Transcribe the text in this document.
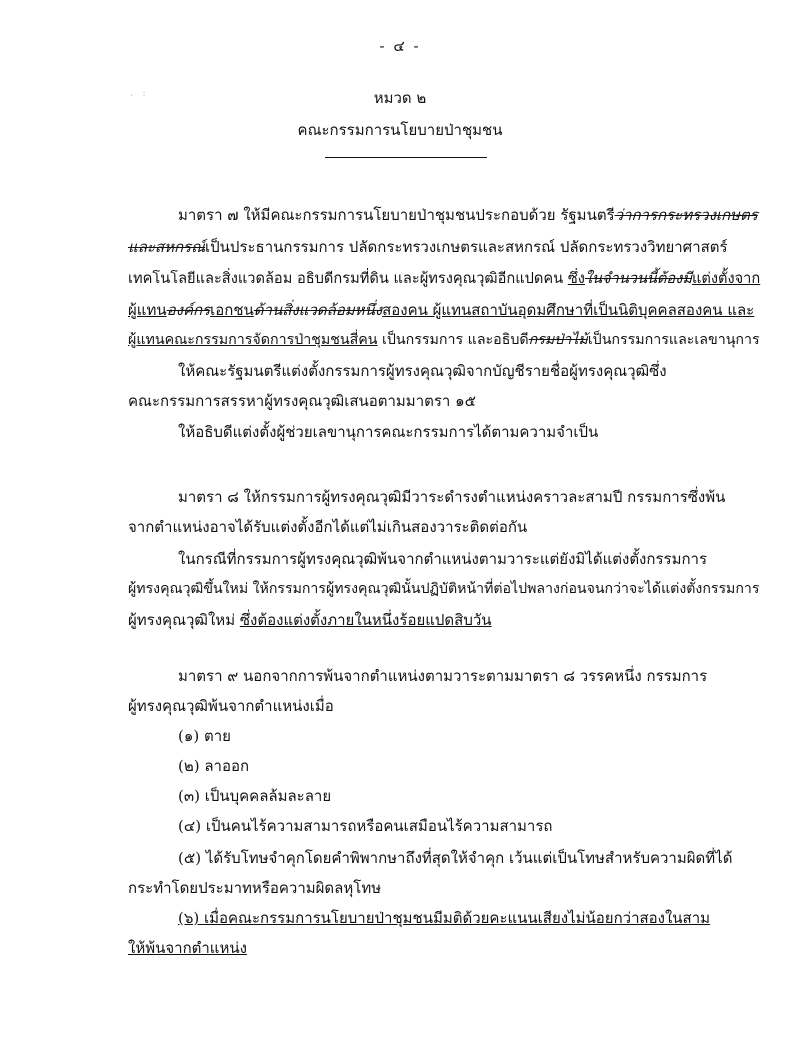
- ๔ -
. :	หมวด ๒
คณะกรรมการนโยบายป่าชุมชน
มาตรา ๗ ให้มีคณะกรรมการนโยบายป่าชุมชนประกอบด้วย รัฐมนตรีว่าการกระทรวงเกษตร
และสหกรณ์เป็นประธานกรรมการ ปลัดกระทรวงเกษตรและสหกรณ์ ปลัดกระทรวงวิทยาศาสตร์
เทคโนโลยีและสิ่งแวดล้อม อธิบดีกรมที่ดิน และผู้ทรงคุณวุฒิอีกแปดคน ซึ่งในจำนวนนี้ต้องมีแต่งตั้งจาก
ผู้แทนองค์กรเอกชนด้านสิ่งแวดล้อมหนึ่งสองคน ผู้แทนสถาบันอุดมศึกษาที่เป็นนิติบุคคลสองคน และ
ผู้แทนคณะกรรมการจัดการป่าชุมชนสี่คน เป็นกรรมการ และอธิบดีกรมป่าไม้เป็นกรรมการและเลขานุการ
ให้คณะรัฐมนตรีแต่งตั้งกรรมการผู้ทรงคุณวุฒิจากบัญชีรายชื่อผู้ทรงคุณวุฒิซึ่ง
คณะกรรมการสรรหาผู้ทรงคุณวุฒิเสนอตามมาตรา ๑๕
ให้อธิบดีแต่งตั้งผู้ช่วยเลขานุการคณะกรรมการได้ตามความจำเป็น
มาตรา ๘ ให้กรรมการผู้ทรงคุณวุฒิมีวาระดำรงตำแหน่งคราวละสามปี กรรมการซึ่งพ้น
จากตำแหน่งอาจได้รับแต่งตั้งอีกได้แต่ไม่เกินสองวาระติดต่อกัน
ในกรณีที่กรรมการผู้ทรงคุณวุฒิพ้นจากตำแหน่งตามวาระแต่ยังมิได้แต่งตั้งกรรมการ
ผู้ทรงคุณวุฒิขึ้นใหม่ ให้กรรมการผู้ทรงคุณวุฒินั้นปฏิบัติหน้าที่ต่อไปพลางก่อนจนกว่าจะได้แต่งตั้งกรรมการ
ผู้ทรงคุณวุฒิใหม่ ซึ่งต้องแต่งตั้งภายในหนึ่งร้อยแปดสิบวัน
มาตรา ๙ นอกจากการพ้นจากตำแหน่งตามวาระตามมาตรา ๘ วรรคหนึ่ง กรรมการ
ผู้ทรงคุณวุฒิพ้นจากตำแหน่งเมื่อ
(๑) ตาย
(๒) ลาออก
(๓) เป็นบุคคลล้มละลาย
(๔) เป็นคนไร้ความสามารถหรือคนเสมือนไร้ความสามารถ
(๕) ได้รับโทษจำคุกโดยคำพิพากษาถึงที่สุดให้จำคุก เว้นแต่เป็นโทษสำหรับความผิดที่ได้
กระทำโดยประมาทหรือความผิดลหุโทษ
(๖) เมื่อคณะกรรมการนโยบายป่าชุมชนมีมติด้วยคะแนนเสียงไม่น้อยกว่าสองในสาม
ให้พ้นจากตำแหน่ง
